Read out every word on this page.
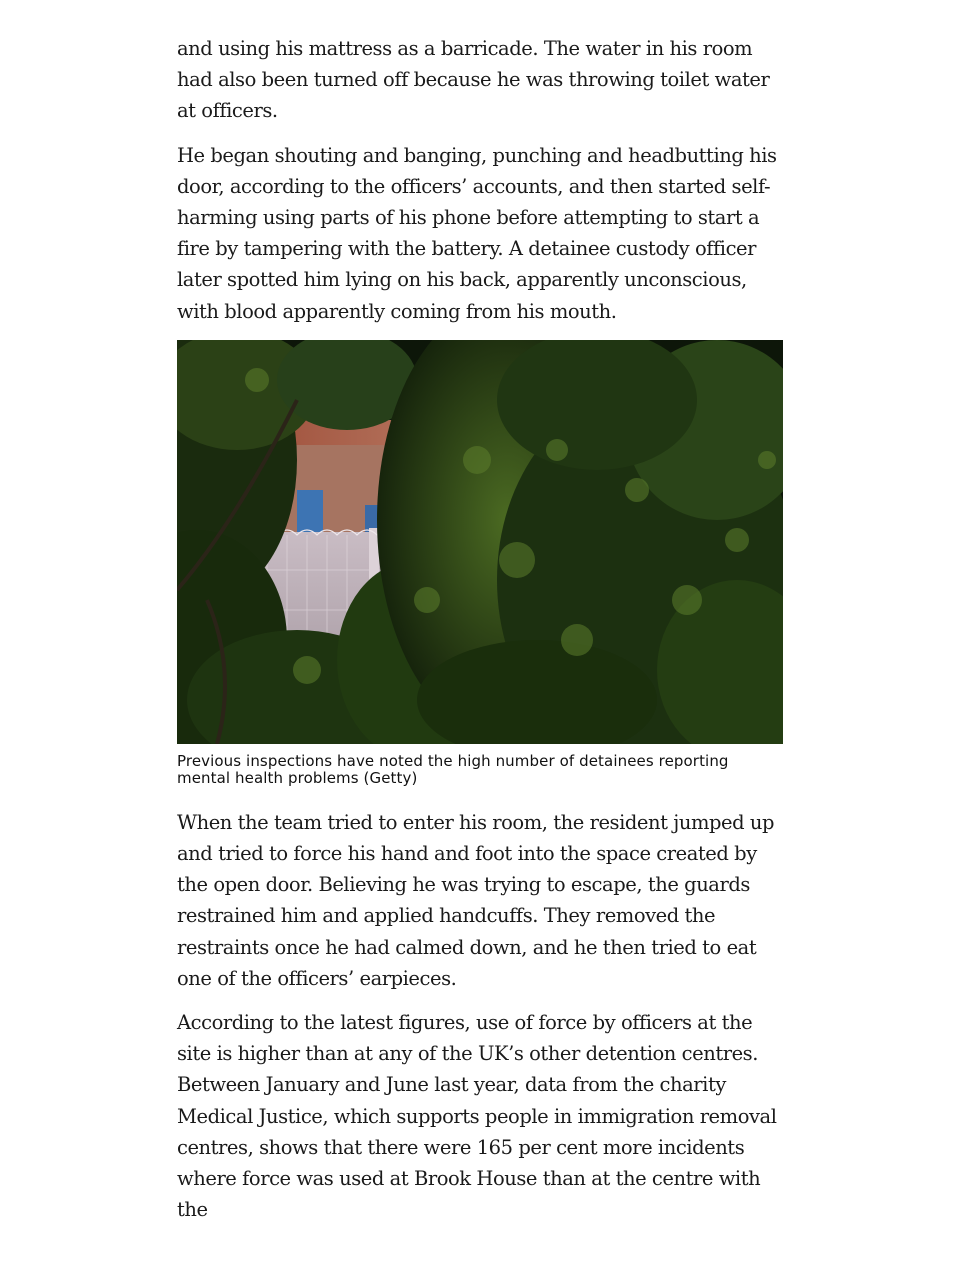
and using his mattress as a barricade. The water in his room had also been turned off because he was throwing toilet water at officers.

He began shouting and banging, punching and headbutting his door, according to the officers’ accounts, and then started self-harming using parts of his phone before attempting to start a fire by tampering with the battery. A detainee custody officer later spotted him lying on his back, apparently unconscious, with blood apparently coming from his mouth.

Previous inspections have noted the high number of detainees reporting mental health problems (Getty)

When the team tried to enter his room, the resident jumped up and tried to force his hand and foot into the space created by the open door. Believing he was trying to escape, the guards restrained him and applied handcuffs. They removed the restraints once he had calmed down, and he then tried to eat one of the officers’ earpieces.

According to the latest figures, use of force by officers at the site is higher than at any of the UK’s other detention centres. Between January and June last year, data from the charity Medical Justice, which supports people in immigration removal centres, shows that there were 165 per cent more incidents where force was used at Brook House than at the centre with the
